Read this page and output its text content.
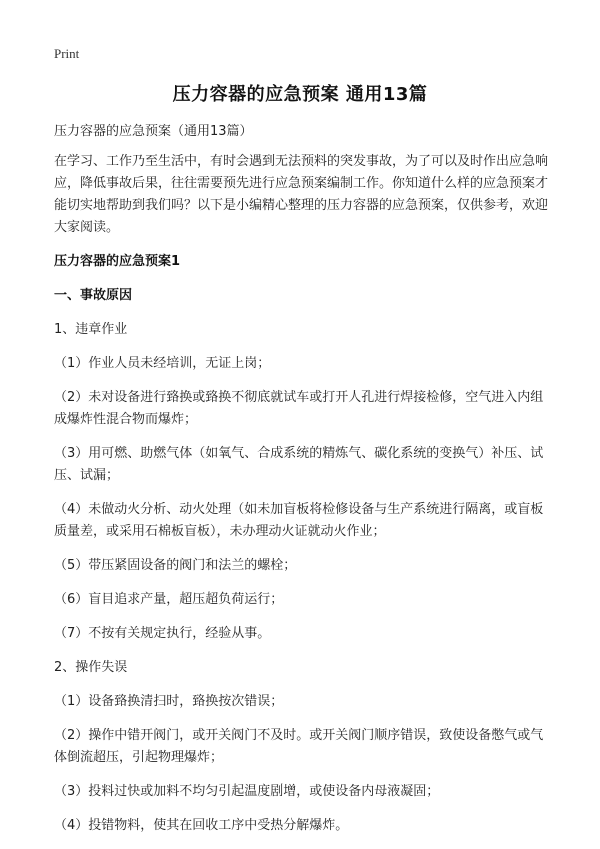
Print
压力容器的应急预案 通用13篇

压力容器的应急预案（通用13篇）

在学习、工作乃至生活中，有时会遇到无法预料的突发事故，为了可以及时作出应急响应，降低事故后果，往往需要预先进行应急预案编制工作。你知道什么样的应急预案才能切实地帮助到我们吗？以下是小编精心整理的压力容器的应急预案，仅供参考，欢迎大家阅读。

压力容器的应急预案1

一、事故原因

1、违章作业

（1）作业人员未经培训，无证上岗；

（2）未对设备进行臵换或臵换不彻底就试车或打开人孔进行焊接检修，空气进入内组成爆炸性混合物而爆炸；

（3）用可燃、助燃气体（如氧气、合成系统的精炼气、碳化系统的变换气）补压、试压、试漏；

（4）未做动火分析、动火处理（如未加盲板将检修设备与生产系统进行隔离，或盲板质量差，或采用石棉板盲板），未办理动火证就动火作业；

（5）带压紧固设备的阀门和法兰的螺栓；

（6）盲目追求产量，超压超负荷运行；

（7）不按有关规定执行，经验从事。

2、操作失误

（1）设备臵换清扫时，臵换按次错误；

（2）操作中错开阀门，或开关阀门不及时。或开关阀门顺序错误，致使设备憋气或气体倒流超压，引起物理爆炸；

（3）投料过快或加料不均匀引起温度剧增，或使设备内母液凝固；

（4）投错物料，使其在回收工序中受热分解爆炸。
